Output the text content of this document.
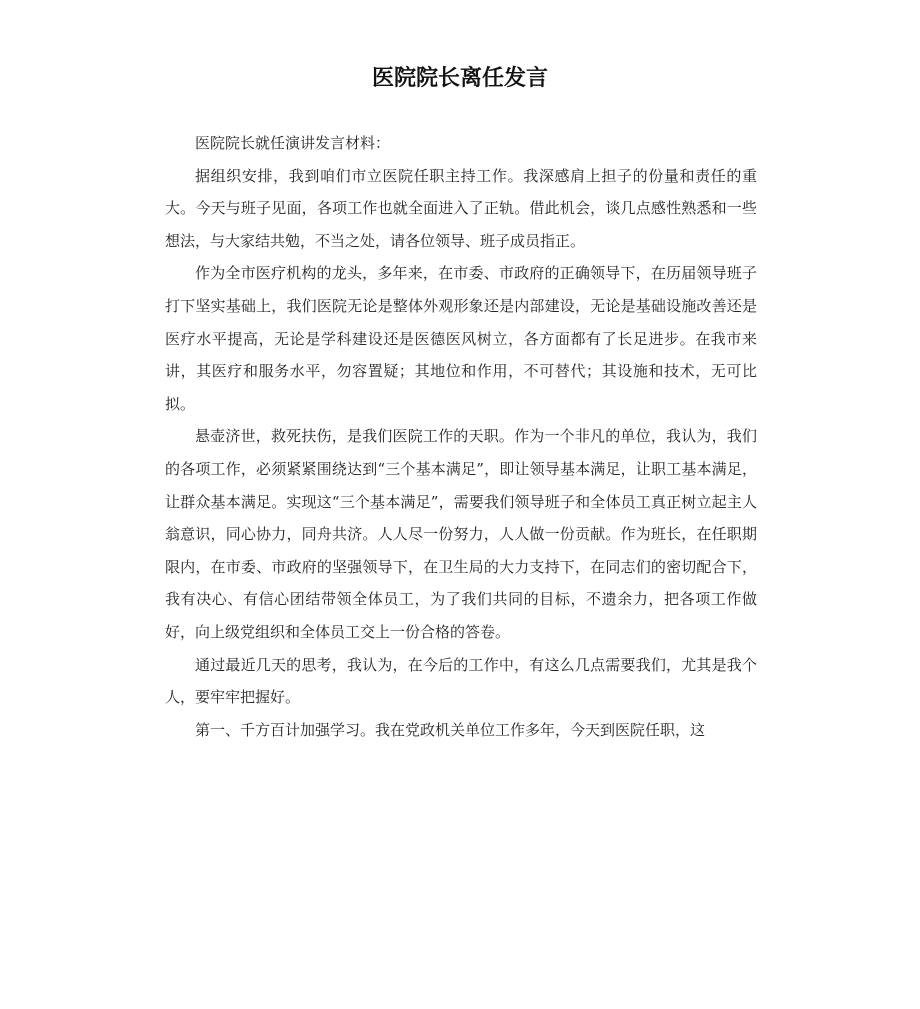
医院院长离任发言

医院院长就任演讲发言材料：

据组织安排，我到咱们市立医院任职主持工作。我深感肩上担子的份量和责任的重大。今天与班子见面，各项工作也就全面进入了正轨。借此机会，谈几点感性熟悉和一些想法，与大家结共勉，不当之处，请各位领导、班子成员指正。

作为全市医疗机构的龙头，多年来，在市委、市政府的正确领导下，在历届领导班子打下坚实基础上，我们医院无论是整体外观形象还是内部建设，无论是基础设施改善还是医疗水平提高，无论是学科建设还是医德医风树立，各方面都有了长足进步。在我市来讲，其医疗和服务水平，勿容置疑；其地位和作用，不可替代；其设施和技术，无可比拟。

悬壶济世，救死扶伤，是我们医院工作的天职。作为一个非凡的单位，我认为，我们的各项工作，必须紧紧围绕达到“三个基本满足”，即让领导基本满足，让职工基本满足，让群众基本满足。实现这“三个基本满足”，需要我们领导班子和全体员工真正树立起主人翁意识，同心协力，同舟共济。人人尽一份努力，人人做一份贡献。作为班长，在任职期限内，在市委、市政府的坚强领导下，在卫生局的大力支持下，在同志们的密切配合下，我有决心、有信心团结带领全体员工，为了我们共同的目标，不遗余力，把各项工作做好，向上级党组织和全体员工交上一份合格的答卷。

通过最近几天的思考，我认为，在今后的工作中，有这么几点需要我们，尤其是我个人，要牢牢把握好。

第一、千方百计加强学习。我在党政机关单位工作多年，今天到医院任职，这
